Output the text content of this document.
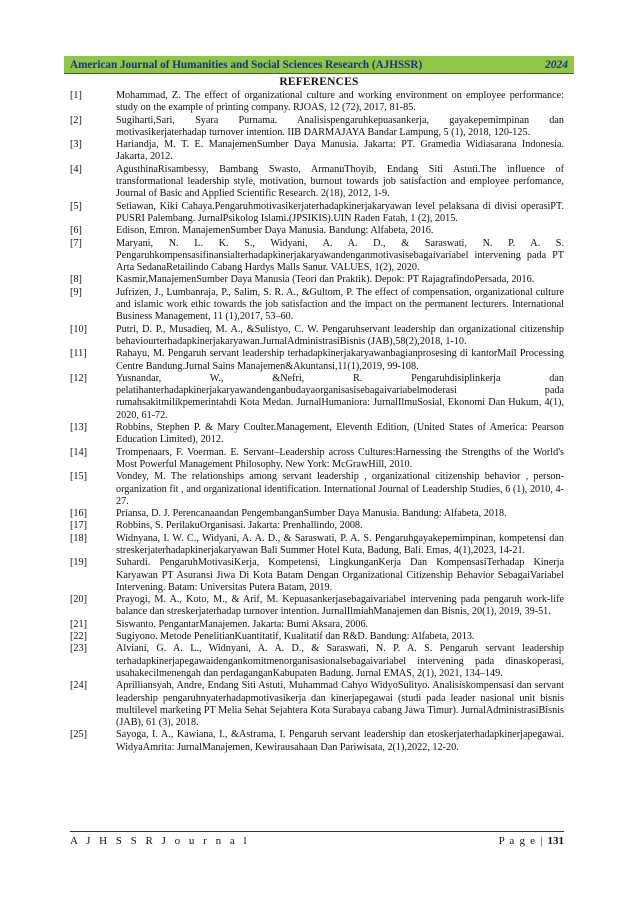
American Journal of Humanities and Social Sciences Research (AJHSSR)	2024
REFERENCES
[1]	Mohammad, Z. The effect of organizational culture and working environment on employee performance: study on the example of printing company. RJOAS, 12 (72), 2017, 81-85.
[2]	Sugiharti,Sari, Syara Purnama. Analisispengaruhkepuasankerja, gayakepemimpinan dan motivasikerjaterhadap turnover intention. IIB DARMAJAYA Bandar Lampung, 5 (1), 2018, 120-125.
[3]	Hariandja, M. T. E. ManajemenSumber Daya Manusia. Jakarta: PT. Gramedia Widiasarana Indonesia. Jakarta, 2012.
[4]	AgusthinaRisambessy, Bambang Swasto, ArmanuThoyib, Endang Siti Astuti.The influence of transformational leadership style, motivation, burnout towards job satisfaction and employee perfomance, Journal of Basic and Applied Scientific Research. 2(18), 2012, 1-9.
[5]	Setiawan, Kiki Cahaya.Pengaruhmotivasikerjaterhadapkinerjakaryawan level pelaksana di divisi operasiPT. PUSRI Palembang. JurnalPsikolog Islami.(JPSIKIS).UIN Raden Fatah, 1 (2), 2015.
[6]	Edison, Emron. ManajemenSumber Daya Manusia. Bandung: Alfabeta, 2016.
[7]	Maryani, N. L. K. S., Widyani, A. A. D., & Saraswati, N. P. A. S. Pengaruhkompensasifinansialterhadapkinerjakaryawandenganmotivasisebagaivariabel intervening pada PT Arta SedanaRetailindo Cabang Hardys Malls Sanur. VALUES, 1(2), 2020.
[8]	Kasmir,ManajemenSumber Daya Manusia (Teori dan Praktik). Depok: PT RajagrafindoPersada, 2016.
[9]	Jufrizen, J., Lumbanraja, P., Salim, S. R. A., &Gultom, P. The effect of compensation, organizational culture and islamic work ethic towards the job satisfaction and the impact on the permanent lecturers. International Business Management, 11 (1),2017, 53–60.
[10]	Putri, D. P., Musadieq, M. A., &Sulistyo, C. W. Pengaruhservant leadership dan organizational citizenship behaviourterhadapkinerjakaryawan.JurnalAdministrasiBisnis (JAB),58(2),2018, 1-10.
[11]	Rahayu, M. Pengaruh servant leadership terhadapkinerjakaryawanbagianprosesing di kantorMail Processing Centre Bandung.Jurnal Sains Manajemen&Akuntansi,11(1),2019, 99-108.
[12]	Yusnandar, W., &Nefri, R. Pengaruhdisiplinkerja dan pelatihanterhadapkinerjakaryawandenganbudayaorganisasisebagaivariabelmoderasi pada rumahsakitmilikpemerintahdi Kota Medan. JurnalHumaniora: JurnalIlmuSosial, Ekonomi Dan Hukum, 4(1), 2020, 61-72.
[13]	Robbins, Stephen P. & Mary Coulter.Management, Eleventh Edition, (United States of America: Pearson Education Limited), 2012.
[14]	Trompenaars, F. Voerman. E. Servant–Leadership across Cultures:Harnessing the Strengths of the World's Most Powerful Management Philosophy. New York: McGrawHill, 2010.
[15]	Vondey, M. The relationships among servant leadership , organizational citizenship behavior , person-organization fit , and organizational identification. International Journal of Leadership Studies, 6 (1), 2010, 4-27.
[16]	Priansa, D. J. Perencanaandan PengembanganSumber Daya Manusia. Bandung: Alfabeta, 2018.
[17]	Robbins, S. PerilakuOrganisasi. Jakarta: Prenhallindo, 2008.
[18]	Widnyana, I. W. C., Widyani, A. A. D., & Saraswati, P. A. S. Pengaruhgayakepemimpinan, kompetensi dan streskerjaterhadapkinerjakaryawan Bali Summer Hotel Kuta, Badung, Bali. Emas, 4(1),2023, 14-21.
[19]	Suhardi. PengaruhMotivasiKerja, Kompetensi, LingkunganKerja Dan KompensasiTerhadap Kinerja Karyawan PT Asuransi Jiwa Di Kota Batam Dengan Organizational Citizenship Behavior SebagaiVariabel Intervening. Batam: Universitas Putera Batam, 2019.
[20]	Prayogi, M. A., Koto, M., & Arif, M. Kepuasankerjasebagaivariabel intervening pada pengaruh work-life balance dan streskerjaterhadap turnover intention. JurnalIlmiahManajemen dan Bisnis, 20(1), 2019, 39-51.
[21]	Siswanto. PengantarManajemen. Jakarta: Bumi Aksara, 2006.
[22]	Sugiyono. Metode PenelitianKuantitatif, Kualitatif dan R&D. Bandung: Alfabeta, 2013.
[23]	Alviani, G. A. L., Widnyani, A. A. D., & Saraswati, N. P. A. S. Pengaruh servant leadership terhadapkinerjapegawaidengankomitmenorganisasionalsebagaivariabel intervening pada dinaskoperasi, usahakecilmenengah dan perdaganganKabupaten Badung. Jurnal EMAS, 2(1), 2021, 134–149.
[24]	Aprilliansyah, Andre, Endang Siti Astuti, Muhammad Cahyo WidyoSulityo. Analisiskompensasi dan servant leadership pengaruhnyaterhadapmotivasikerja dan kinerjapegawai (studi pada leader nasional unit bisnis multilevel marketing PT Melia Sehat Sejahtera Kota Surabaya cabang Jawa Timur). JurnalAdministrasiBisnis (JAB), 61 (3), 2018.
[25]	Sayoga, I. A., Kawiana, I., &Astrama, I. Pengaruh servant leadership dan etoskerjaterhadapkinerjapegawai. WidyaAmrita: JurnalManajemen, Kewirausahaan Dan Pariwisata, 2(1),2022, 12-20.
A J H S S R J o u r n a l	P a g e | 131
